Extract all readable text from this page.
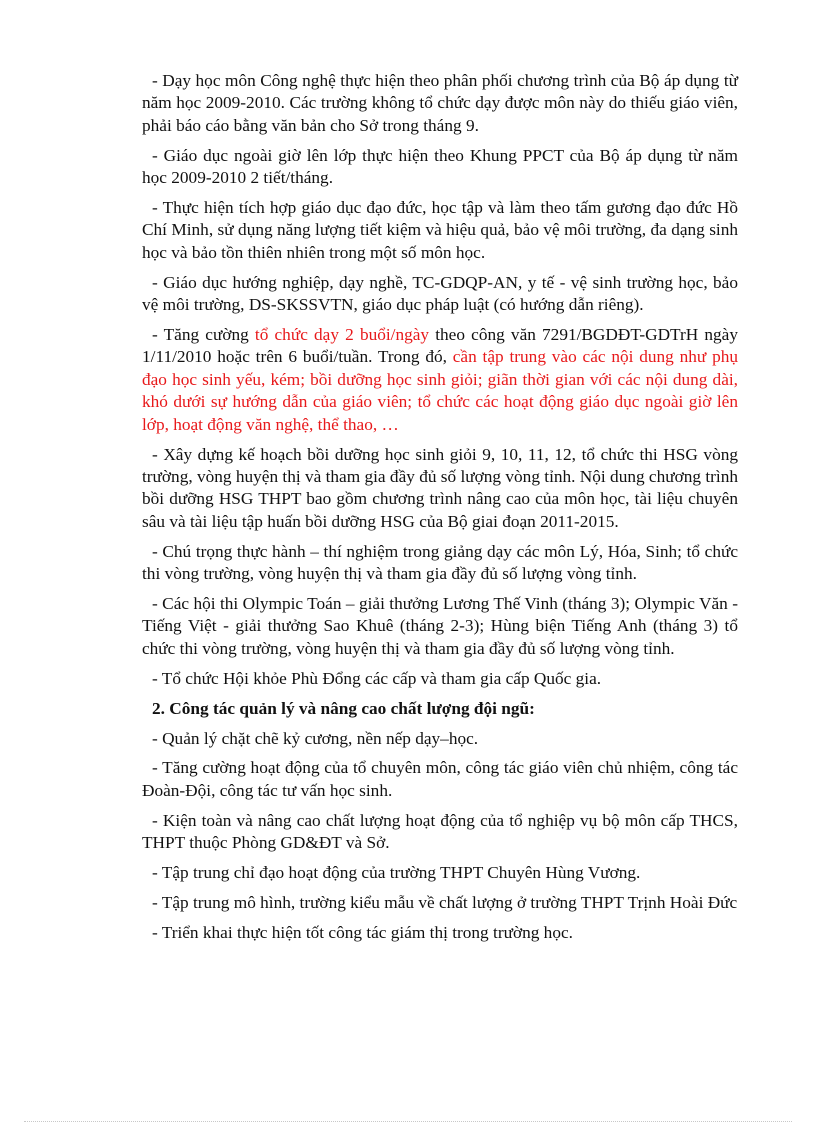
- Dạy học môn Công nghệ thực hiện theo phân phối chương trình của Bộ áp dụng từ năm học 2009-2010. Các trường không tổ chức dạy được môn này do thiếu giáo viên, phải báo cáo bằng văn bản cho Sở trong tháng 9.

- Giáo dục ngoài giờ lên lớp thực hiện theo Khung PPCT của Bộ áp dụng từ năm học 2009-2010 2 tiết/tháng.

- Thực hiện tích hợp giáo dục đạo đức, học tập và làm theo tấm gương đạo đức Hồ Chí Minh, sử dụng năng lượng tiết kiệm và hiệu quả, bảo vệ môi trường, đa dạng sinh học và bảo tồn thiên nhiên trong một số môn học.

- Giáo dục hướng nghiệp, dạy nghề, TC-GDQP-AN, y tế - vệ sinh trường học, bảo vệ môi trường, DS-SKSSVTN, giáo dục pháp luật (có hướng dẫn riêng).

- Tăng cường tổ chức dạy 2 buổi/ngày theo công văn 7291/BGDĐT-GDTrH ngày 1/11/2010 hoặc trên 6 buổi/tuần. Trong đó, cần tập trung vào các nội dung như phụ đạo học sinh yếu, kém; bồi dưỡng học sinh giỏi; giãn thời gian với các nội dung dài, khó dưới sự hướng dẫn của giáo viên; tổ chức các hoạt động giáo dục ngoài giờ lên lớp, hoạt động văn nghệ, thể thao, …

- Xây dựng kế hoạch bồi dưỡng học sinh giỏi 9, 10, 11, 12, tổ chức thi HSG vòng trường, vòng huyện thị và tham gia đầy đủ số lượng vòng tỉnh. Nội dung chương trình bồi dưỡng HSG THPT bao gồm chương trình nâng cao của môn học, tài liệu chuyên sâu và tài liệu tập huấn bồi dưỡng HSG của Bộ giai đoạn 2011-2015.

- Chú trọng thực hành – thí nghiệm trong giảng dạy các môn Lý, Hóa, Sinh; tổ chức thi vòng trường, vòng huyện thị và tham gia đầy đủ số lượng vòng tỉnh.

- Các hội thi Olympic Toán – giải thưởng Lương Thế Vinh (tháng 3); Olympic Văn - Tiếng Việt - giải thưởng Sao Khuê (tháng 2-3); Hùng biện Tiếng Anh (tháng 3) tổ chức thi vòng trường, vòng huyện thị và tham gia đầy đủ số lượng vòng tỉnh.

- Tổ chức Hội khỏe Phù Đổng các cấp và tham gia cấp Quốc gia.

2. Công tác quản lý và nâng cao chất lượng đội ngũ:

- Quản lý chặt chẽ kỷ cương, nền nếp dạy–học.

- Tăng cường hoạt động của tổ chuyên môn, công tác giáo viên chủ nhiệm, công tác Đoàn-Đội, công tác tư vấn học sinh.

- Kiện toàn và nâng cao chất lượng hoạt động của tổ nghiệp vụ bộ môn cấp THCS, THPT thuộc Phòng GD&ĐT và Sở.

- Tập trung chỉ đạo hoạt động của trường THPT Chuyên Hùng Vương.

- Tập trung mô hình, trường kiểu mẫu về chất lượng ở trường THPT Trịnh Hoài Đức

- Triển khai thực hiện tốt công tác giám thị trong trường học.
